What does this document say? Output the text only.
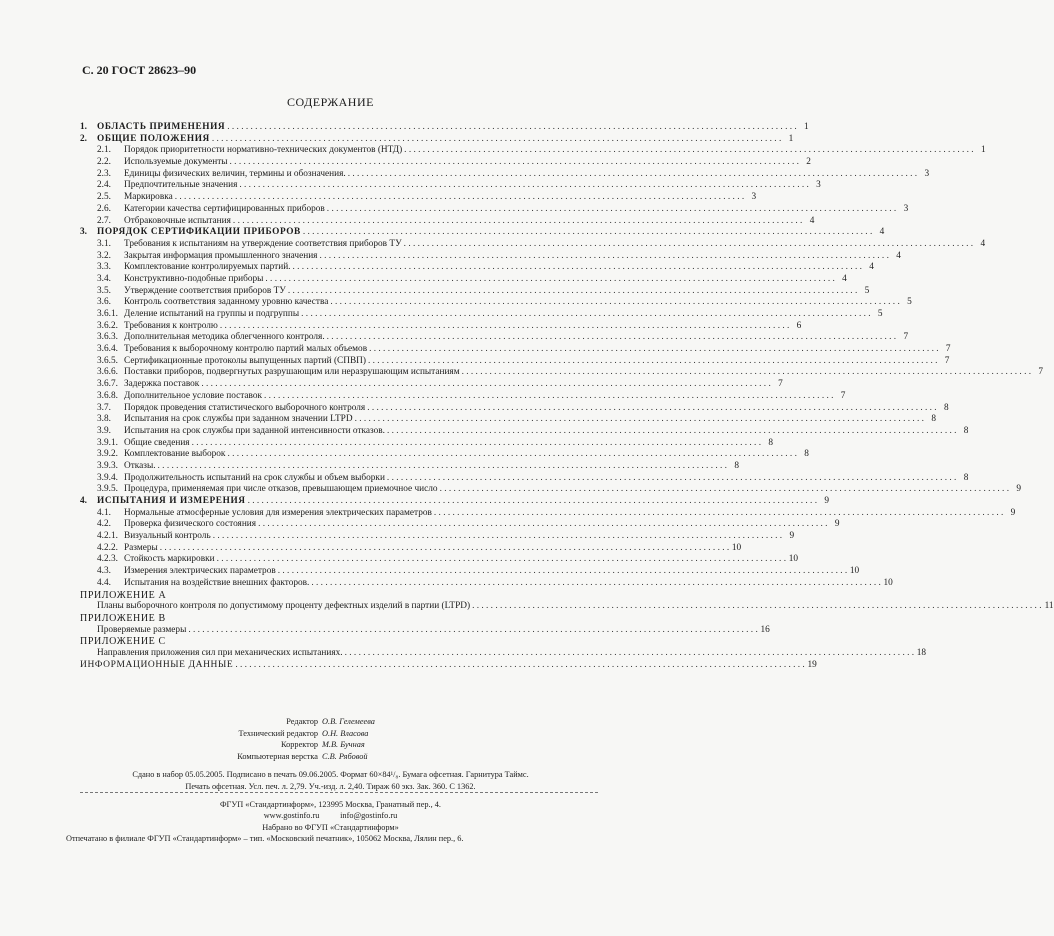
С. 20 ГОСТ 28623–90
СОДЕРЖАНИЕ
1.	ОБЛАСТЬ ПРИМЕНЕНИЯ . . .	1
2.	ОБЩИЕ ПОЛОЖЕНИЯ . . .	1
2.1.	Порядок приоритетности нормативно-технических документов (НТД) . . .	1
2.2.	Используемые документы . . .	2
2.3.	Единицы физических величин, термины и обозначения. . . .	3
2.4.	Предпочтительные значения . . .	3
2.5.	Маркировка . . .	3
2.6.	Категории качества сертифицированных приборов . . .	3
2.7.	Отбраковочные испытания . . .	4
3.	ПОРЯДОК СЕРТИФИКАЦИИ ПРИБОРОВ . . .	4
3.1.	Требования к испытаниям на утверждение соответствия приборов ТУ . . .	4
3.2.	Закрытая информация промышленного значения . . .	4
3.3.	Комплектование контролируемых партий. . . .	4
3.4.	Конструктивно-подобные приборы . . .	4
3.5.	Утверждение соответствия приборов ТУ . . .	5
3.6.	Контроль соответствия заданному уровню качества . . .	5
3.6.1. Деление испытаний на группы и подгруппы . . .	5
3.6.2. Требования к контролю . . .	6
3.6.3. Дополнительная методика облегченного контроля. . . .	7
3.6.4. Требования к выборочному контролю партий малых объемов . . .	7
3.6.5. Сертификационные протоколы выпущенных партий (СПВП) . . .	7
3.6.6. Поставки приборов, подвергнутых разрушающим или неразрушающим испытаниям . . .	7
3.6.7. Задержка поставок . . .	7
3.6.8. Дополнительное условие поставок . . .	7
3.7.	Порядок проведения статистического выборочного контроля . . .	8
3.8.	Испытания на срок службы при заданном значении LTPD . . .	8
3.9.	Испытания на срок службы при заданной интенсивности отказов. . . .	8
3.9.1. Общие сведения . . .	8
3.9.2. Комплектование выборок . . .	8
3.9.3. Отказы. . . .	8
3.9.4. Продолжительность испытаний на срок службы и объем выборки . . .	8
3.9.5. Процедура, применяемая при числе отказов, превышающем приемочное число . . .	9
4.	ИСПЫТАНИЯ И ИЗМЕРЕНИЯ . . .	9
4.1.	Нормальные атмосферные условия для измерения электрических параметров . . .	9
4.2.	Проверка физического состояния . . .	9
4.2.1. Визуальный контроль . . .	9
4.2.2. Размеры . . .	10
4.2.3. Стойкость маркировки . . .	10
4.3.	Измерения электрических параметров . . .	10
4.4.	Испытания на воздействие внешних факторов. . . .	10
ПРИЛОЖЕНИЕ А
Планы выборочного контроля по допустимому проценту дефектных изделий в партии (LTPD) . . .	11
ПРИЛОЖЕНИЕ В
Проверяемые размеры . . .	16
ПРИЛОЖЕНИЕ С
Направления приложения сил при механических испытаниях. . . .	18
ИНФОРМАЦИОННЫЕ ДАННЫЕ . . .	19
Редактор О.В. Гелемеева
Технический редактор О.Н. Власова
Корректор М.В. Бучная
Компьютерная верстка С.В. Рябовой
Сдано в набор 05.05.2005. Подписано в печать 09.06.2005. Формат 60×84¹/₈. Бумага офсетная. Гарнитура Таймс.
Печать офсетная. Усл. печ. л. 2,79. Уч.-изд. л. 2,40. Тираж 60 экз. Зак. 360. С 1362.
ФГУП «Стандартинформ», 123995 Москва, Гранатный пер., 4.
www.gostinfo.ru          info@gostinfo.ru
Набрано во ФГУП «Стандартинформ»
Отпечатано в филиале ФГУП «Стандартинформ» – тип. «Московский печатник», 105062 Москва, Лялин пер., 6.
